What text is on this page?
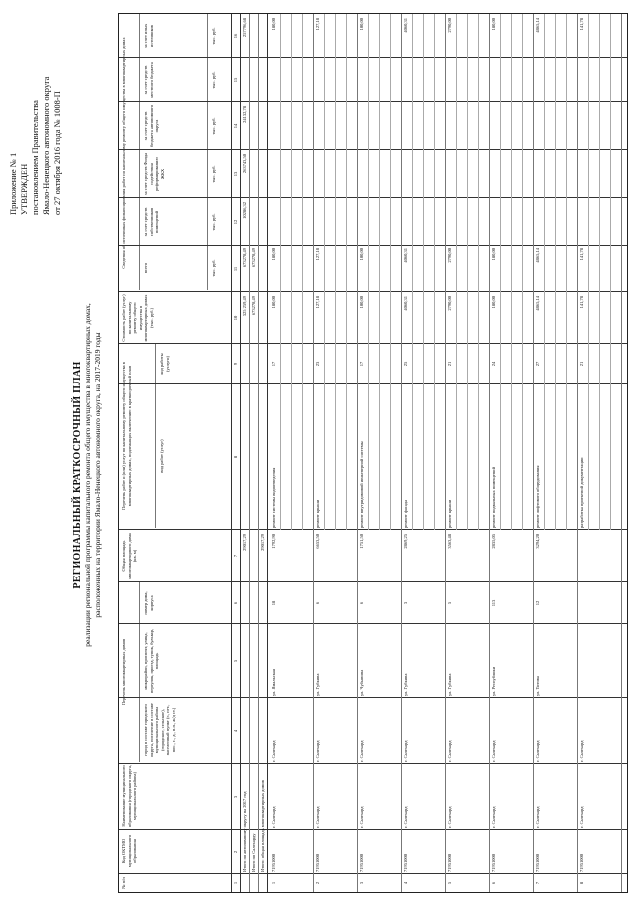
Приложение № 1 УТВЕРЖДЕН постановлением Правительства Ямало-Ненецкого автономного округа от 27 октября 2016 года № 1008-П
РЕГИОНАЛЬНЫЙ КРАТКОСРОЧНЫЙ ПЛАН реализации региональной программы капитального ремонта общего имущества в многоквартирных домах, расположенных на территории Ямало-Ненецкого автономного округа, на 2017-2019 годы
№ п/п
Код ОКТМО муниципального образования
Наименование муниципального образования (городского округа, муниципального района)
Перечень многоквартирных домов
город в составе городского округа, поселение в составе муниципального района (городское, сельское), населенный пункт (г., пгт., пос., с., д., н.п., ж/д ст.)
микрорайон, проспект, улица, переулок, проезд, тупик, бульвар, площадь
номер дома, корпуса
Общая площадь многоквартирного дома (кв. м)
Перечень работ и (или) услуг по капитальному ремонту общего имущества в многоквартирных домах, подлежащих включению в краткосрочный план	вид работ (услуг)
код работы (услуги)
Стоимость работ (услуг) по капитальному ремонту общего имущества в многоквартирных домах (тыс. руб.)
Сведения об источниках финансирования работ по капитальному ремонту общего имущества в многоквартирных домах	всего
за счет средств собственников помещений
за счет средств Фонда содействия реформированию ЖКХ
за счет средств бюджета автономного округа
за счет средств местного бюджета
за счет иных источников
тыс. руб.
тыс. руб.
тыс. руб.
тыс. руб.
тыс. руб.
тыс. руб.
1
2
3
4
5
6
7
8
9
10
11
12
13
14
15
16
Итого по автономному округу на 2017 год
29017,29
325 259,49
673278,49
10286,32
263743,50
24132,78
257796,68
Итого по Салехарду
673278,49
673278,49
Итого: общая площадь многоквартирных домов
29017,29
1
71951000
г. Салехард
г. Салехард
ул. Ямальская
18
1792,90
ремонт системы водоотведения
17
180,00
180,00
180,00
2
71951000
г. Салехард
г. Салехард
ул. Губкина
6
6653,50
ремонт крыши
23
127,18
127,18
127,18
3
71951000
г. Салехард
г. Салехард
ул. Чубынина
6
1751,50
ремонт внутридомовой инженерной системы
17
100,00
100,00
100,00
4
71951000
г. Салехард
г. Салехард
ул. Губкина
3
2869,25
ремонт фасада
25
4060,31
4060,31
4060,31
5
71951000
г. Салехард
г. Салехард
ул. Губкина
5
3563,48
ремонт крыши
21
2790,00
2790,00
2790,00
6
71951000
г. Салехард
г. Салехард
ул. Республики
113
2835,05
ремонт подвальных помещений
24
180,00
180,00
180,00
7
71951000
г. Салехард
г. Салехард
ул. Титова
12
3294,20
ремонт лифтового оборудования
27
4865,14
4865,14
4865,14
8
71951000
г. Салехард
г. Салехард
разработка проектной документации
21
141,78
141,78
141,78
